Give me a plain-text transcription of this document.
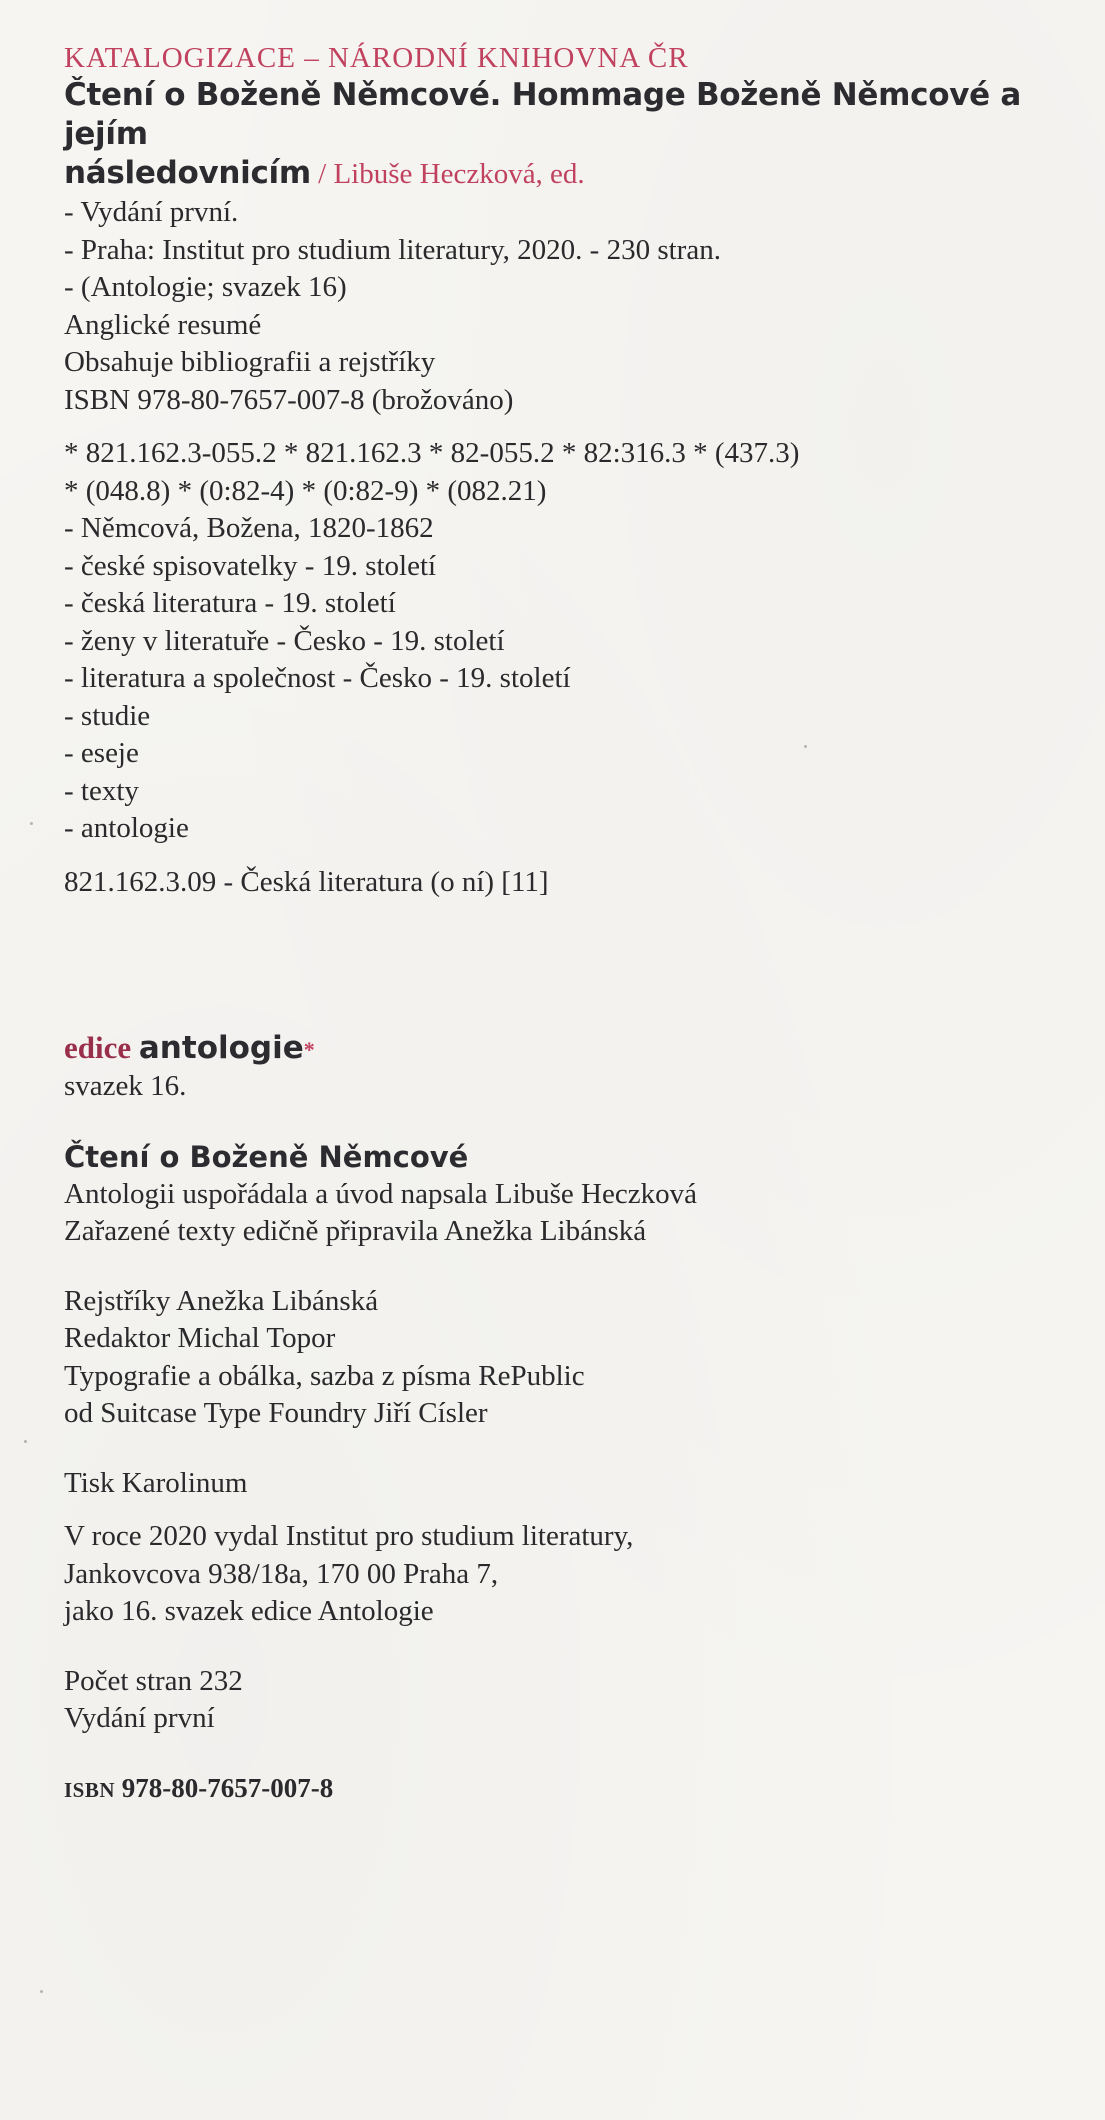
KATALOGIZACE – NÁRODNÍ KNIHOVNA ČR
Čtení o Boženě Němcové. Hommage Boženě Němcové a jejím
následovnicím / Libuše Heczková, ed.
- Vydání první.
- Praha: Institut pro studium literatury, 2020. - 230 stran.
- (Antologie; svazek 16)
Anglické resumé
Obsahuje bibliografii a rejstříky
ISBN 978-80-7657-007-8 (brožováno)
* 821.162.3-055.2 * 821.162.3 * 82-055.2 * 82:316.3 * (437.3)
* (048.8) * (0:82-4) * (0:82-9) * (082.21)
- Němcová, Božena, 1820-1862
- české spisovatelky - 19. století
- česká literatura - 19. století
- ženy v literatuře - Česko - 19. století
- literatura a společnost - Česko - 19. století
- studie
- eseje
- texty
- antologie
821.162.3.09 - Česká literatura (o ní) [11]
edice antologie*
svazek 16.
Čtení o Boženě Němcové
Antologii uspořádala a úvod napsala Libuše Heczková
Zařazené texty edičně připravila Anežka Libánská
Rejstříky Anežka Libánská
Redaktor Michal Topor
Typografie a obálka, sazba z písma RePublic
od Suitcase Type Foundry Jiří Císler
Tisk Karolinum
V roce 2020 vydal Institut pro studium literatury,
Jankovcova 938/18a, 170 00 Praha 7,
jako 16. svazek edice Antologie
Počet stran 232
Vydání první
ISBN 978-80-7657-007-8
